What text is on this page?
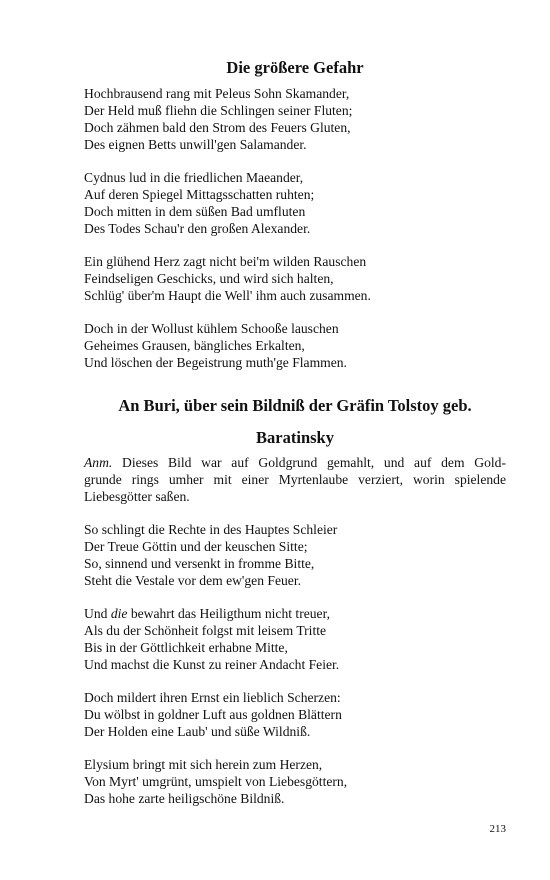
Die größere Gefahr
Hochbrausend rang mit Peleus Sohn Skamander,
Der Held muß fliehn die Schlingen seiner Fluten;
Doch zähmen bald den Strom des Feuers Gluten,
Des eignen Betts unwill'gen Salamander.
Cydnus lud in die friedlichen Maeander,
Auf deren Spiegel Mittagsschatten ruhten;
Doch mitten in dem süßen Bad umfluten
Des Todes Schau'r den großen Alexander.
Ein glühend Herz zagt nicht bei'm wilden Rauschen
Feindseligen Geschicks, und wird sich halten,
Schlüg' über'm Haupt die Well' ihm auch zusammen.
Doch in der Wollust kühlem Schooße lauschen
Geheimes Grausen, bängliches Erkalten,
Und löschen der Begeistrung muth'ge Flammen.
An Buri, über sein Bildniß der Gräfin Tolstoy geb.
Baratinsky
Anm. Dieses Bild war auf Goldgrund gemahlt, und auf dem Gold-
grunde rings umher mit einer Myrtenlaube verziert, worin spielende
Liebesgötter saßen.
So schlingt die Rechte in des Hauptes Schleier
Der Treue Göttin und der keuschen Sitte;
So, sinnend und versenkt in fromme Bitte,
Steht die Vestale vor dem ew'gen Feuer.
Und die bewahrt das Heiligthum nicht treuer,
Als du der Schönheit folgst mit leisem Tritte
Bis in der Göttlichkeit erhabne Mitte,
Und machst die Kunst zu reiner Andacht Feier.
Doch mildert ihren Ernst ein lieblich Scherzen:
Du wölbst in goldner Luft aus goldnen Blättern
Der Holden eine Laub' und süße Wildniß.
Elysium bringt mit sich herein zum Herzen,
Von Myrt' umgrünt, umspielt von Liebesgöttern,
Das hohe zarte heiligschöne Bildniß.
213
